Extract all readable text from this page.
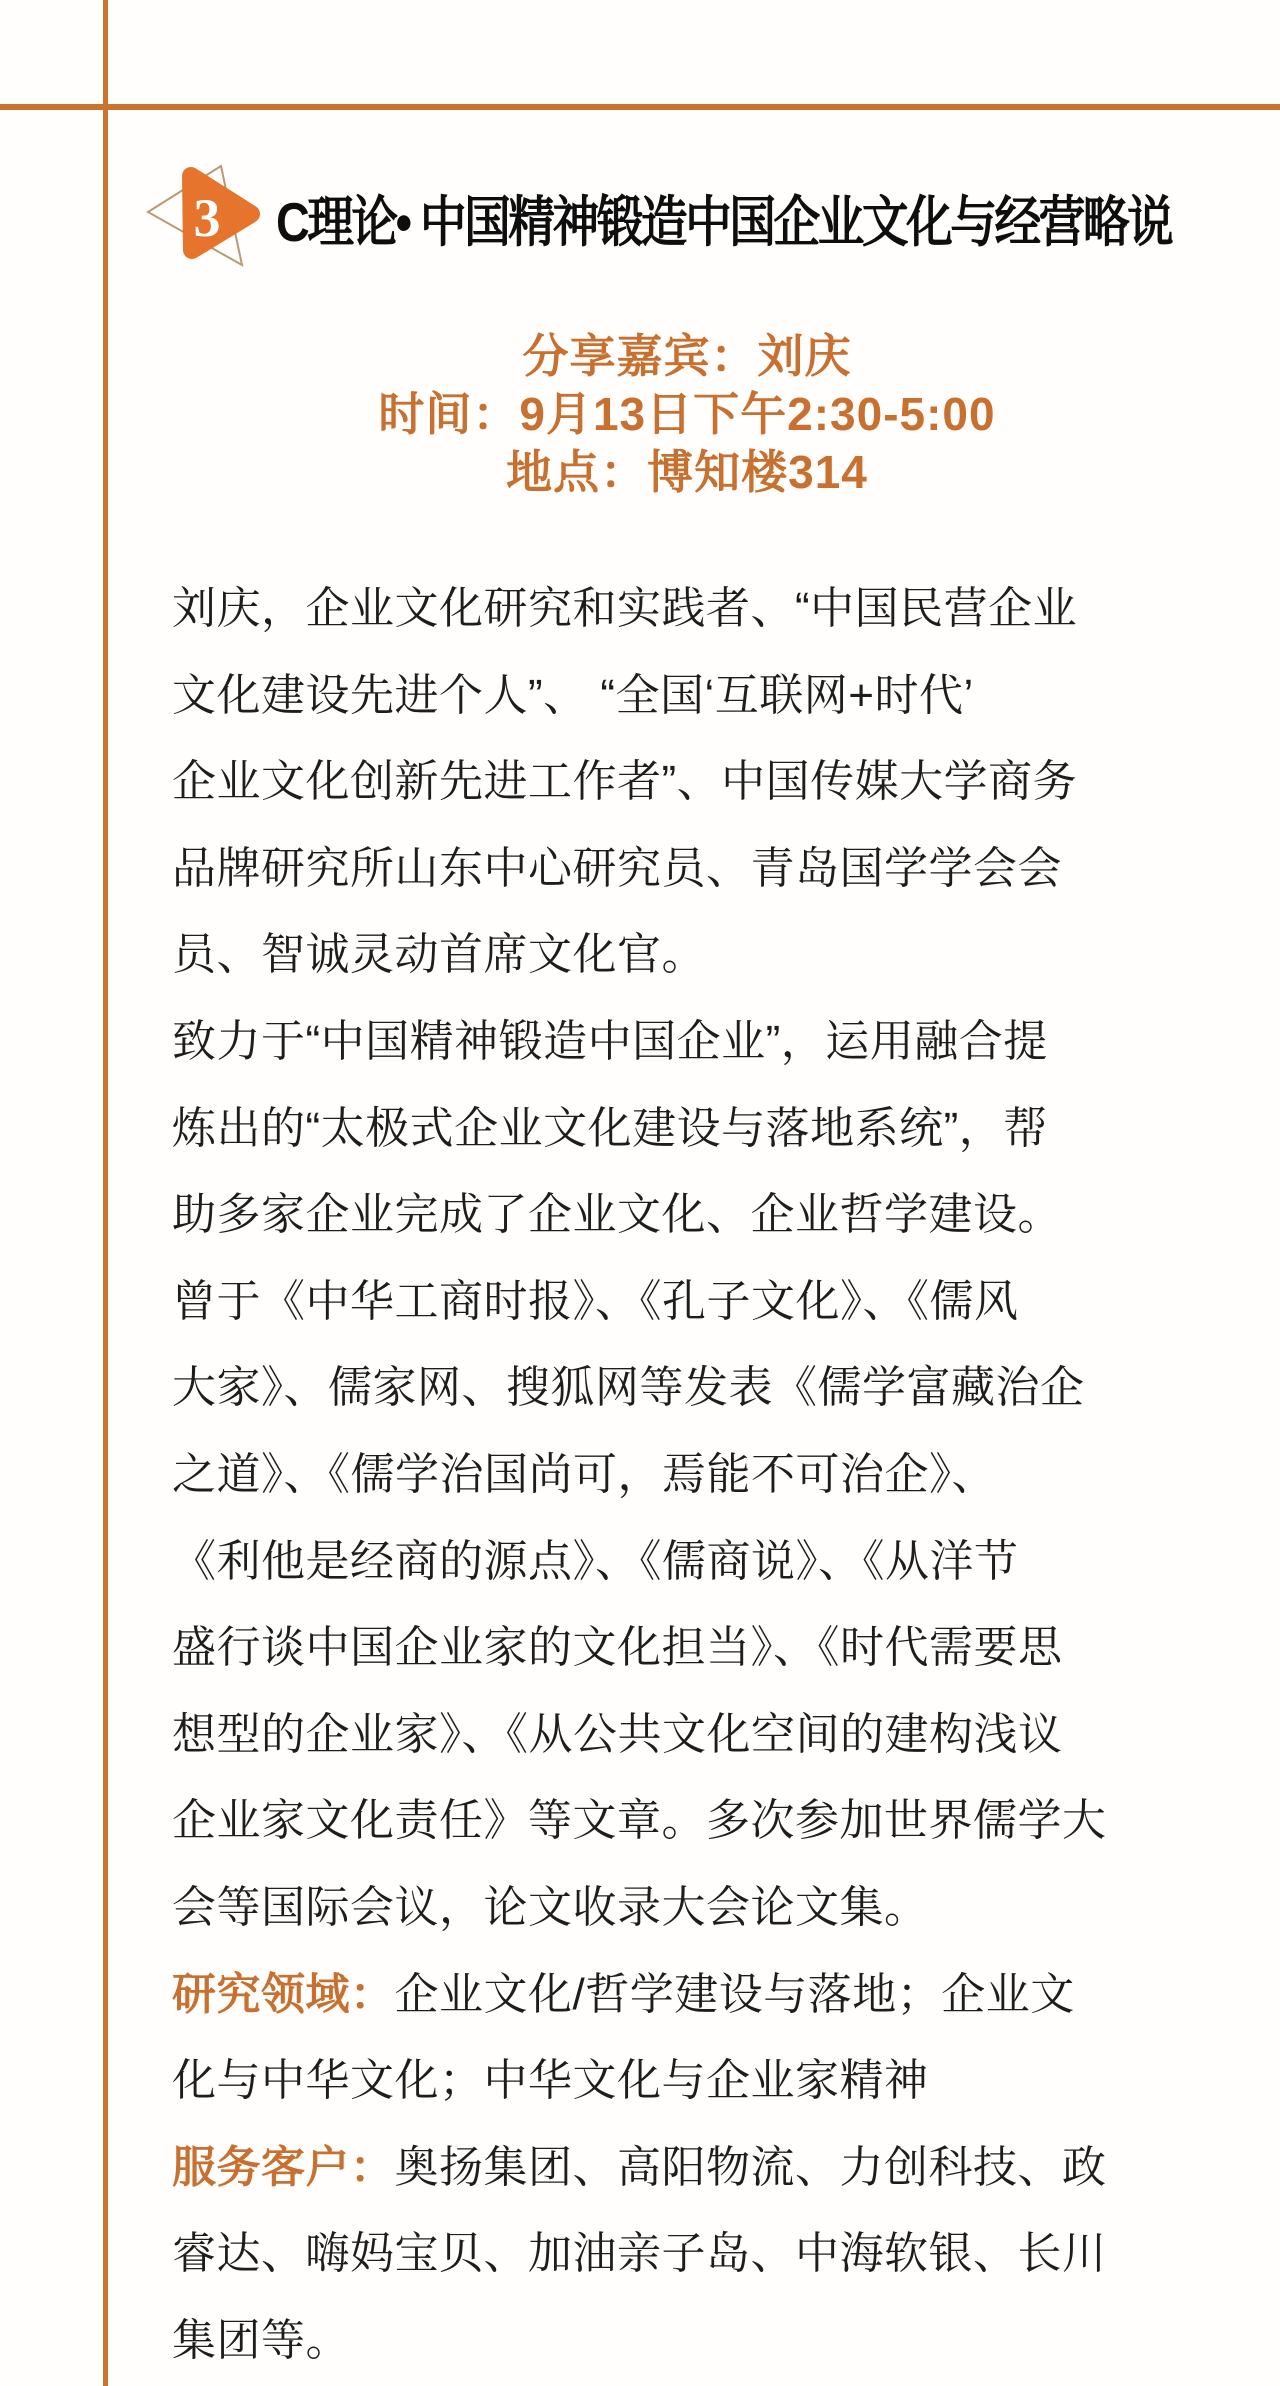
3 C理论• 中国精神锻造中国企业文化与经营略说
分享嘉宾：刘庆
时间：9月13日下午2:30-5:00
地点：博知楼314
刘庆，企业文化研究和实践者、“中国民营企业
文化建设先进个人”、 “全国‘互联网+时代’
企业文化创新先进工作者”、中国传媒大学商务
品牌研究所山东中心研究员、青岛国学学会会
员、智诚灵动首席文化官。
致力于“中国精神锻造中国企业”，运用融合提
炼出的“太极式企业文化建设与落地系统”，帮
助多家企业完成了企业文化、企业哲学建设。
曾于《中华工商时报》、《孔子文化》、《儒风
大家》、儒家网、搜狐网等发表《儒学富藏治企
之道》、《儒学治国尚可，焉能不可治企》、
《利他是经商的源点》、《儒商说》、《从洋节
盛行谈中国企业家的文化担当》、《时代需要思
想型的企业家》、《从公共文化空间的建构浅议
企业家文化责任》等文章。多次参加世界儒学大
会等国际会议，论文收录大会论文集。
研究领域：企业文化/哲学建设与落地；企业文
化与中华文化；中华文化与企业家精神
服务客户：奥扬集团、高阳物流、力创科技、政
睿达、嗨妈宝贝、加油亲子岛、中海软银、长川
集团等。
